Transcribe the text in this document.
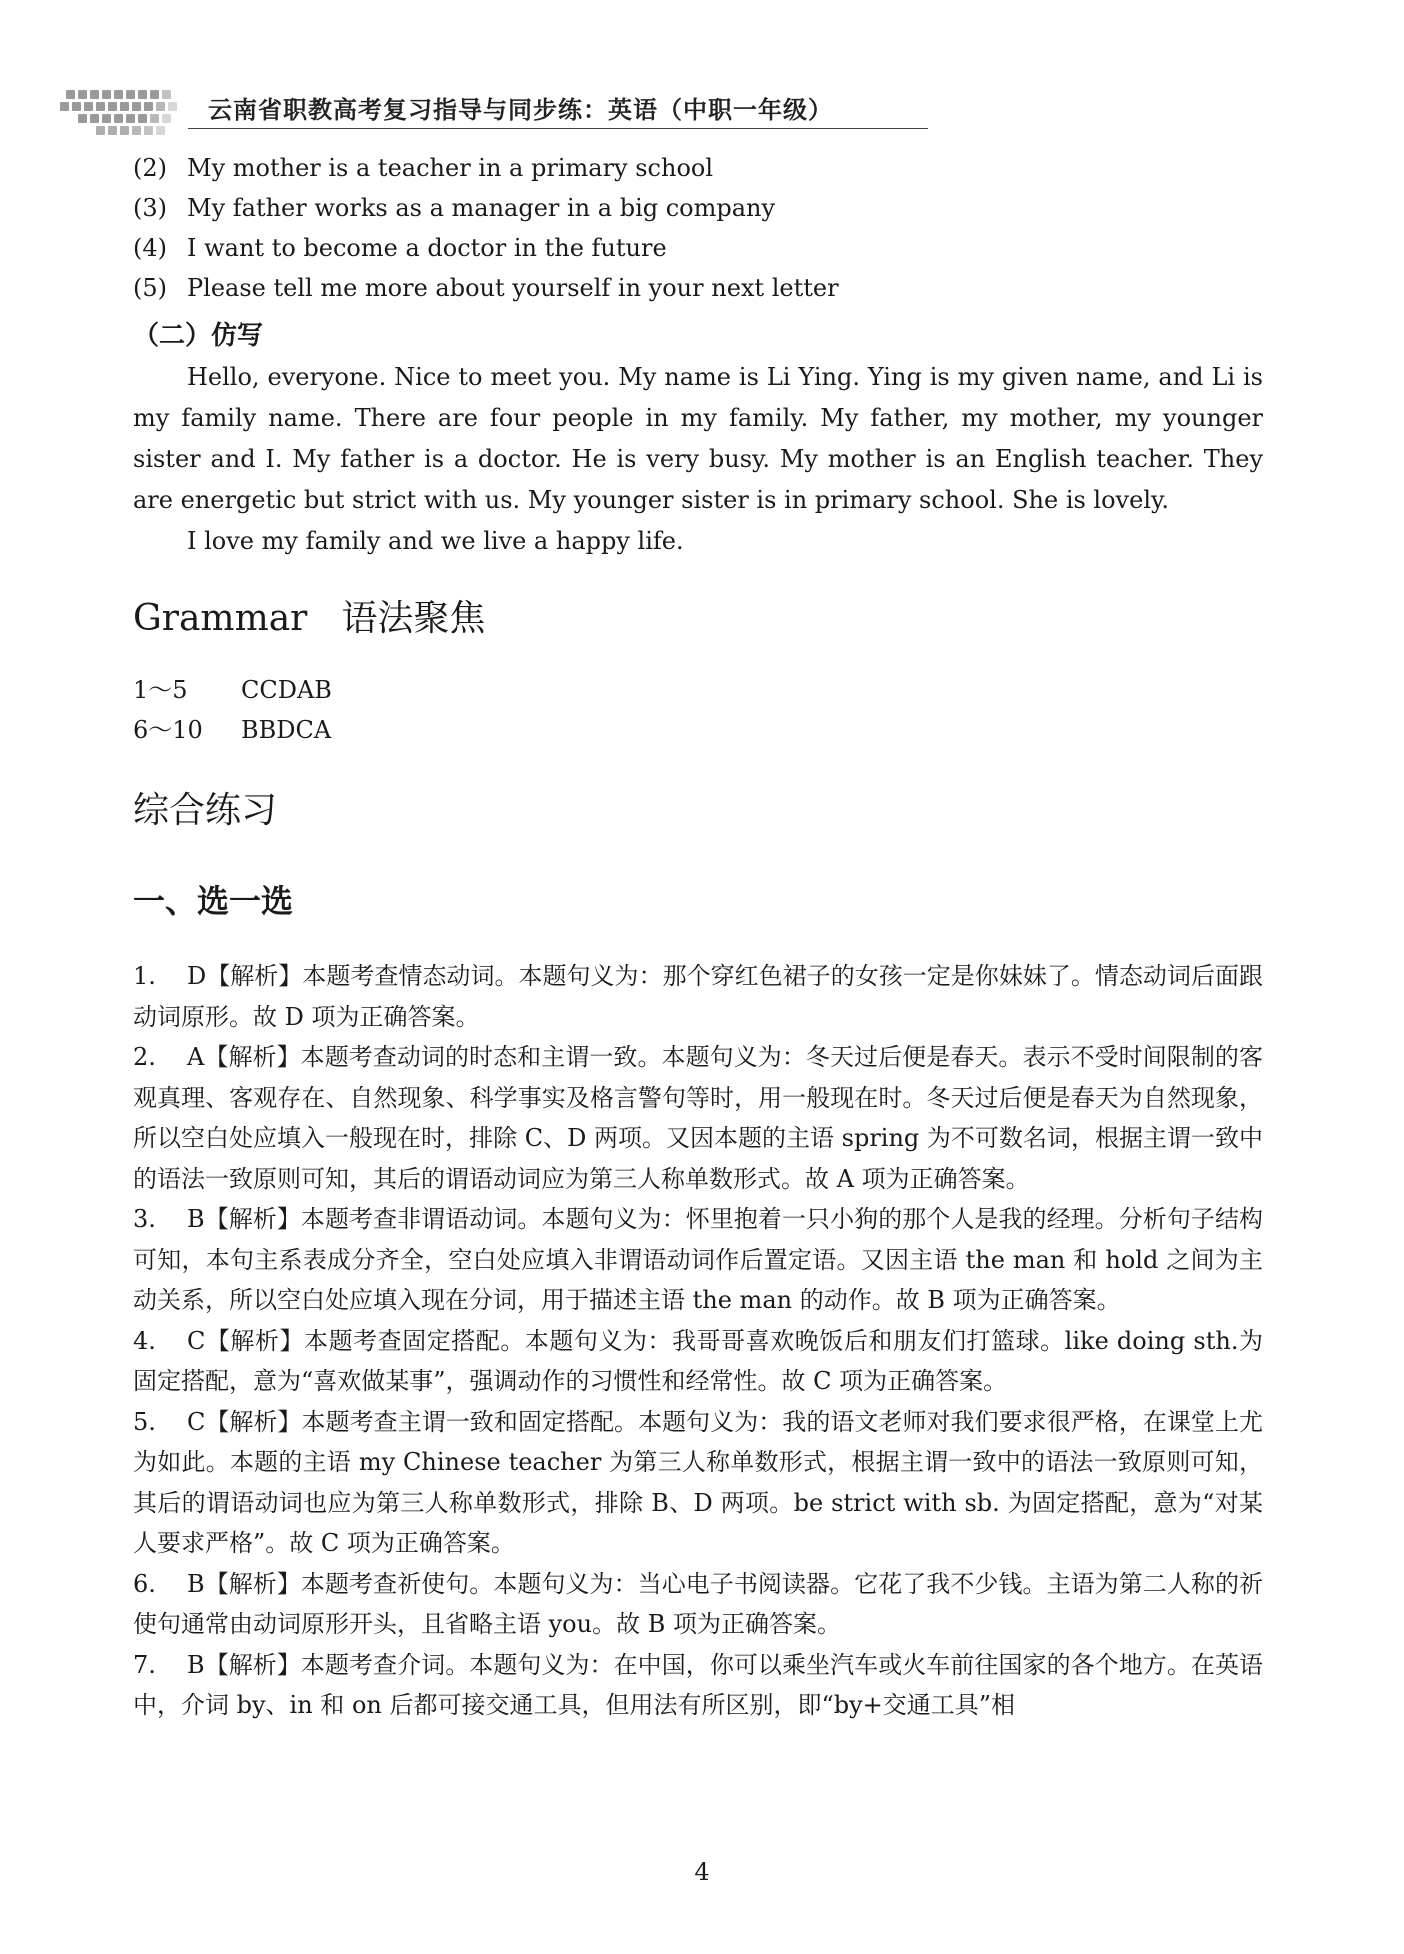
云南省职教高考复习指导与同步练：英语（中职一年级）
(2) My mother is a teacher in a primary school
(3) My father works as a manager in a big company
(4) I want to become a doctor in the future
(5) Please tell me more about yourself in your next letter
（二）仿写

Hello, everyone. Nice to meet you. My name is Li Ying. Ying is my given name, and Li is my family name. There are four people in my family. My father, my mother, my younger sister and I. My father is a doctor. He is very busy. My mother is an English teacher. They are energetic but strict with us. My younger sister is in primary school. She is lovely.

I love my family and we live a happy life.

Grammar 语法聚焦
1～5 CCDAB
6～10 BBDCA
综合练习
一、选一选

1. D【解析】本题考查情态动词。本题句义为：那个穿红色裙子的女孩一定是你妹妹了。情态动词后面跟动词原形。故 D 项为正确答案。

2. A【解析】本题考查动词的时态和主谓一致。本题句义为：冬天过后便是春天。表示不受时间限制的客观真理、客观存在、自然现象、科学事实及格言警句等时，用一般现在时。冬天过后便是春天为自然现象，所以空白处应填入一般现在时，排除 C、D 两项。又因本题的主语 spring 为不可数名词，根据主谓一致中的语法一致原则可知，其后的谓语动词应为第三人称单数形式。故 A 项为正确答案。

3. B【解析】本题考查非谓语动词。本题句义为：怀里抱着一只小狗的那个人是我的经理。分析句子结构可知，本句主系表成分齐全，空白处应填入非谓语动词作后置定语。又因主语 the man 和 hold 之间为主动关系，所以空白处应填入现在分词，用于描述主语 the man 的动作。故 B 项为正确答案。

4. C【解析】本题考查固定搭配。本题句义为：我哥哥喜欢晚饭后和朋友们打篮球。like doing sth.为固定搭配，意为“喜欢做某事”，强调动作的习惯性和经常性。故 C 项为正确答案。

5. C【解析】本题考查主谓一致和固定搭配。本题句义为：我的语文老师对我们要求很严格，在课堂上尤为如此。本题的主语 my Chinese teacher 为第三人称单数形式，根据主谓一致中的语法一致原则可知，其后的谓语动词也应为第三人称单数形式，排除 B、D 两项。be strict with sb. 为固定搭配，意为“对某人要求严格”。故 C 项为正确答案。

6. B【解析】本题考查祈使句。本题句义为：当心电子书阅读器。它花了我不少钱。主语为第二人称的祈使句通常由动词原形开头，且省略主语 you。故 B 项为正确答案。

7. B【解析】本题考查介词。本题句义为：在中国，你可以乘坐汽车或火车前往国家的各个地方。在英语中，介词 by、in 和 on 后都可接交通工具，但用法有所区别，即“by+交通工具”相

4
